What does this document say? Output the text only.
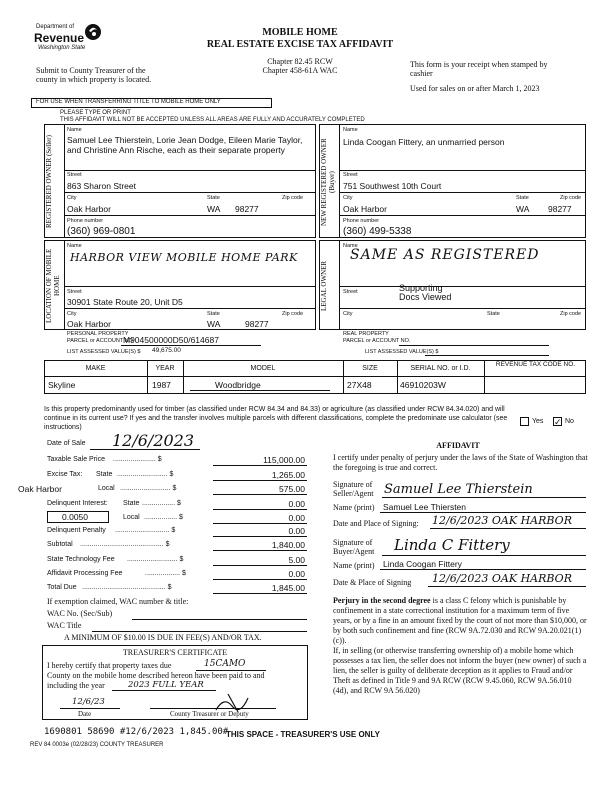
Department of
Revenue
Washington State
MOBILE HOME
REAL ESTATE EXCISE TAX AFFIDAVIT
Chapter 82.45 RCW
Chapter 458-61A WAC
Submit to County Treasurer of the
county in which property is located.
This form is your receipt when stamped by
cashier
Used for sales on or after March 1, 2023
FOR USE WHEN TRANSFERRING TITLE TO MOBILE HOME ONLY
PLEASE TYPE OR PRINT
THIS AFFIDAVIT WILL NOT BE ACCEPTED UNLESS ALL AREAS ARE FULLY AND ACCURATELY COMPLETED
REGISTERED OWNER (Seller)
Name
Samuel Lee Thierstein, Lorie Jean Dodge, Eileen Marie Taylor, and Christine Ann Rische, each as their separate property
Street
863 Sharon Street
City	State	Zip code
Oak Harbor	WA 98277
Phone number
(360) 969-0801
NEW REGISTERED OWNER (Buyer)
Name
Linda Coogan Fittery, an unmarried person
Street
751 Southwest 10th Court
City	State	Zip code
Oak Harbor	WA 98277
Phone number
(360) 499-5338
LOCATION OF MOBILE HOME
Name
HARBOR VIEW MOBILE HOME PARK
Street
30901 State Route 20, Unit D5
City	State	Zip code
Oak Harbor	WA	98277
PERSONAL PROPERTY
PARCEL or ACCOUNT NO.
M904500000D50/614687
LIST ASSESSED VALUE(S) $ 49,675.00
LEGAL OWNER
Name
SAME AS REGISTERED
Street	Supporting
Docs Viewed
City	State	Zip code
REAL PROPERTY
PARCEL or ACCOUNT NO.
LIST ASSESSED VALUE(S) $
MAKE	YEAR	MODEL	SIZE	SERIAL NO. or I.D.
REVENUE TAX CODE NO.
Skyline	1987	Woodbridge	27X48	46910203W
Is this property predominantly used for timber (as classified under RCW 84.34 and 84.33) or agriculture (as classified under RCW 84.34.020) and will continue in its current use? If yes and the transfer involves multiple parcels with different classifications, complete the predominate use calculator (see instructions)
Yes ✓ No
Date of Sale 12/6/2023
Taxable Sale Price ...................... $	115,000.00
Excise Tax: State .......................... $	1,265.00
Oak Harbor	Local .......................... $	575.00
Delinquent Interest: State ................. $	0.00
0.0050	Local ................. $	0.00
Delinquent Penalty ............................ $	0.00
Subtotal ........................................... $	1,840.00
State Technology Fee .......................... $	5.00
Affidavit Processing Fee	.................. $	0.00
Total Due ........................................... $	1,845.00
If exemption claimed, WAC number & title:
WAC No. (Sec/Sub)
WAC Title
A MINIMUM OF $10.00 IS DUE IN FEE(S) AND/OR TAX.
TREASURER'S CERTIFICATE
I hereby certify that property taxes due	15CAMO
County on the mobile home described hereon have been paid to and
including the year	2023 FULL YEAR
12/6/23
Date	County Treasurer or Deputy
AFFIDAVIT
I certify under penalty of perjury under the laws of the State of Washington that the foregoing is true and correct.
Signature of
Seller/Agent Samuel Lee Thierstein
Name (print) Samuel Lee Thiersten
Date and Place of Signing: 12/6/2023 OAK HARBOR
Signature of
Buyer/Agent Linda C Fittery
Name (print) Linda Coogan Fittery
Date & Place of Signing 12/6/2023 OAK HARBOR
Perjury in the second degree is a class C felony which is punishable by confinement in a state correctional institution for a maximum term of five years, or by a fine in an amount fixed by the court of not more than $10,000, or by both such confinement and fine (RCW 9A.72.030 and RCW 9A.20.021(1)(c)).
If, in selling (or otherwise transferring ownership of) a mobile home which possesses a tax lien, the seller does not inform the buyer (new owner) of such a lien, the seller is guilty of deliberate deception as it applies to Fraud and/or Theft as defined in Title 9 and 9A RCW (RCW 9.45.060, RCW 9A.56.010 (4d), and RCW 9A 56.020)
1690801 58690 #12/6/2023 1,845.00#
THIS SPACE - TREASURER'S USE ONLY
REV 84 0003e (02/28/23) COUNTY TREASURER
